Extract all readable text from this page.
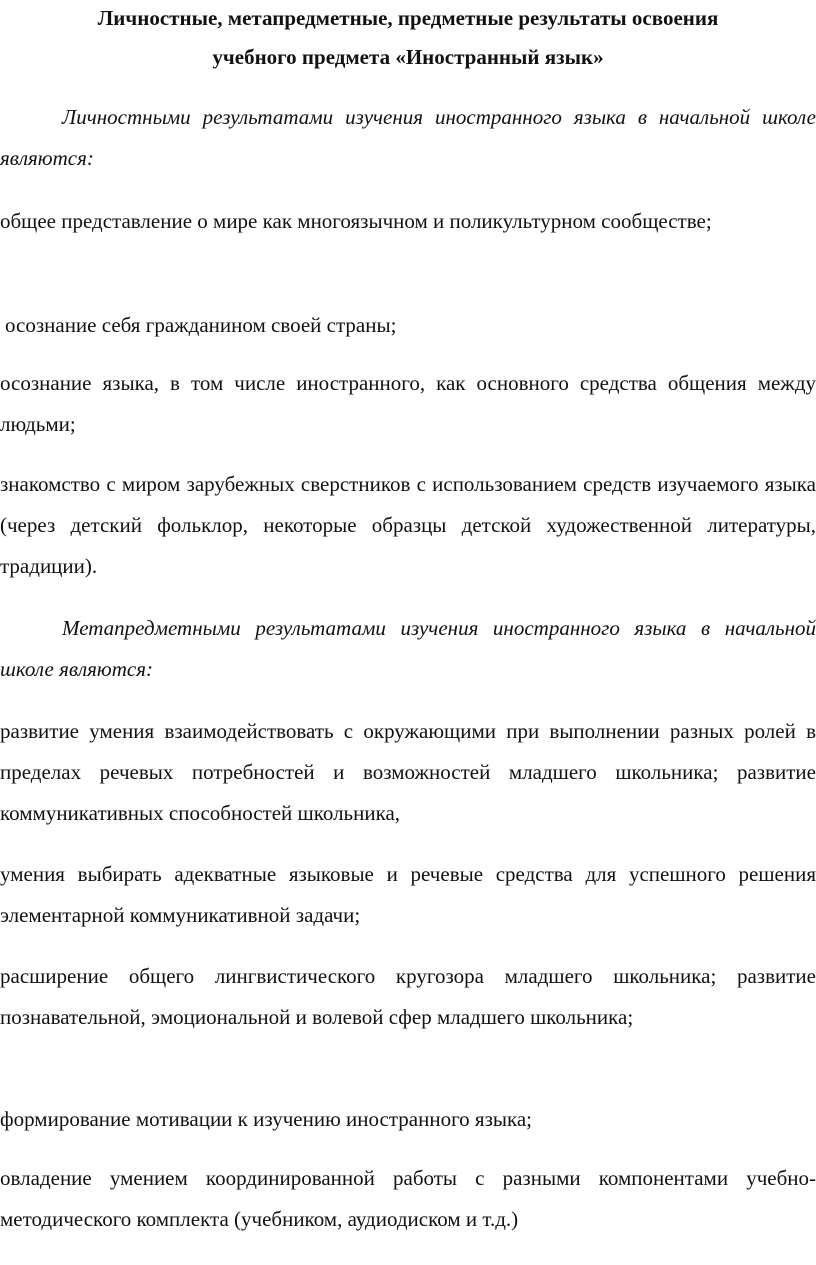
Личностные, метапредметные, предметные результаты освоения
учебного предмета «Иностранный язык»

Личностными результатами изучения иностранного языка в начальной школе являются:

общее представление о мире как многоязычном и поликультурном сообществе;

осознание себя гражданином своей страны;

осознание языка, в том числе иностранного, как основного средства общения между людьми;

знакомство с миром зарубежных сверстников с использованием средств изучаемого языка (через детский фольклор, некоторые образцы детской художественной литературы, традиции).

Метапредметными результатами изучения иностранного языка в начальной школе являются:

развитие умения взаимодействовать с окружающими при выполнении разных ролей в пределах речевых потребностей и возможностей младшего школьника; развитие коммуникативных способностей школьника,

умения выбирать адекватные языковые и речевые средства для успешного решения элементарной коммуникативной задачи;

расширение общего лингвистического кругозора младшего школьника; развитие познавательной, эмоциональной и волевой сфер младшего школьника;

формирование мотивации к изучению иностранного языка;

овладение умением координированной работы с разными компонентами учебно-методического комплекта (учебником, аудиодиском и т.д.)
